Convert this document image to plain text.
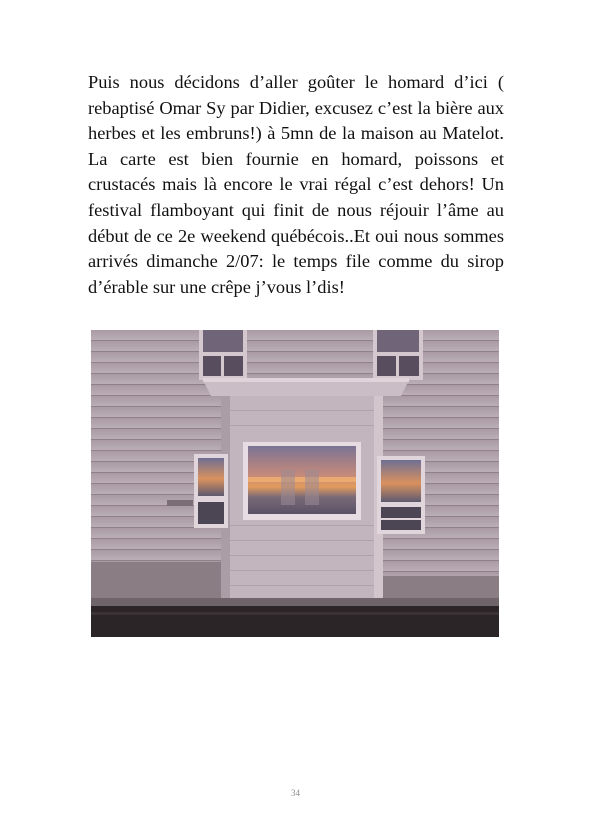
Puis nous décidons d’aller goûter le homard d’ici ( rebaptisé Omar Sy par Didier, excusez c’est la bière aux herbes et les embruns!) à 5mn de la maison au Matelot. La carte est bien fournie en homard, poissons et crustacés mais là encore le vrai régal c’est dehors! Un festival flamboyant qui finit de nous réjouir l’âme au début de ce 2e weekend québécois..Et oui nous sommes arrivés dimanche 2/07: le temps file comme du sirop d’érable sur une crêpe j’vous l’dis!

34
